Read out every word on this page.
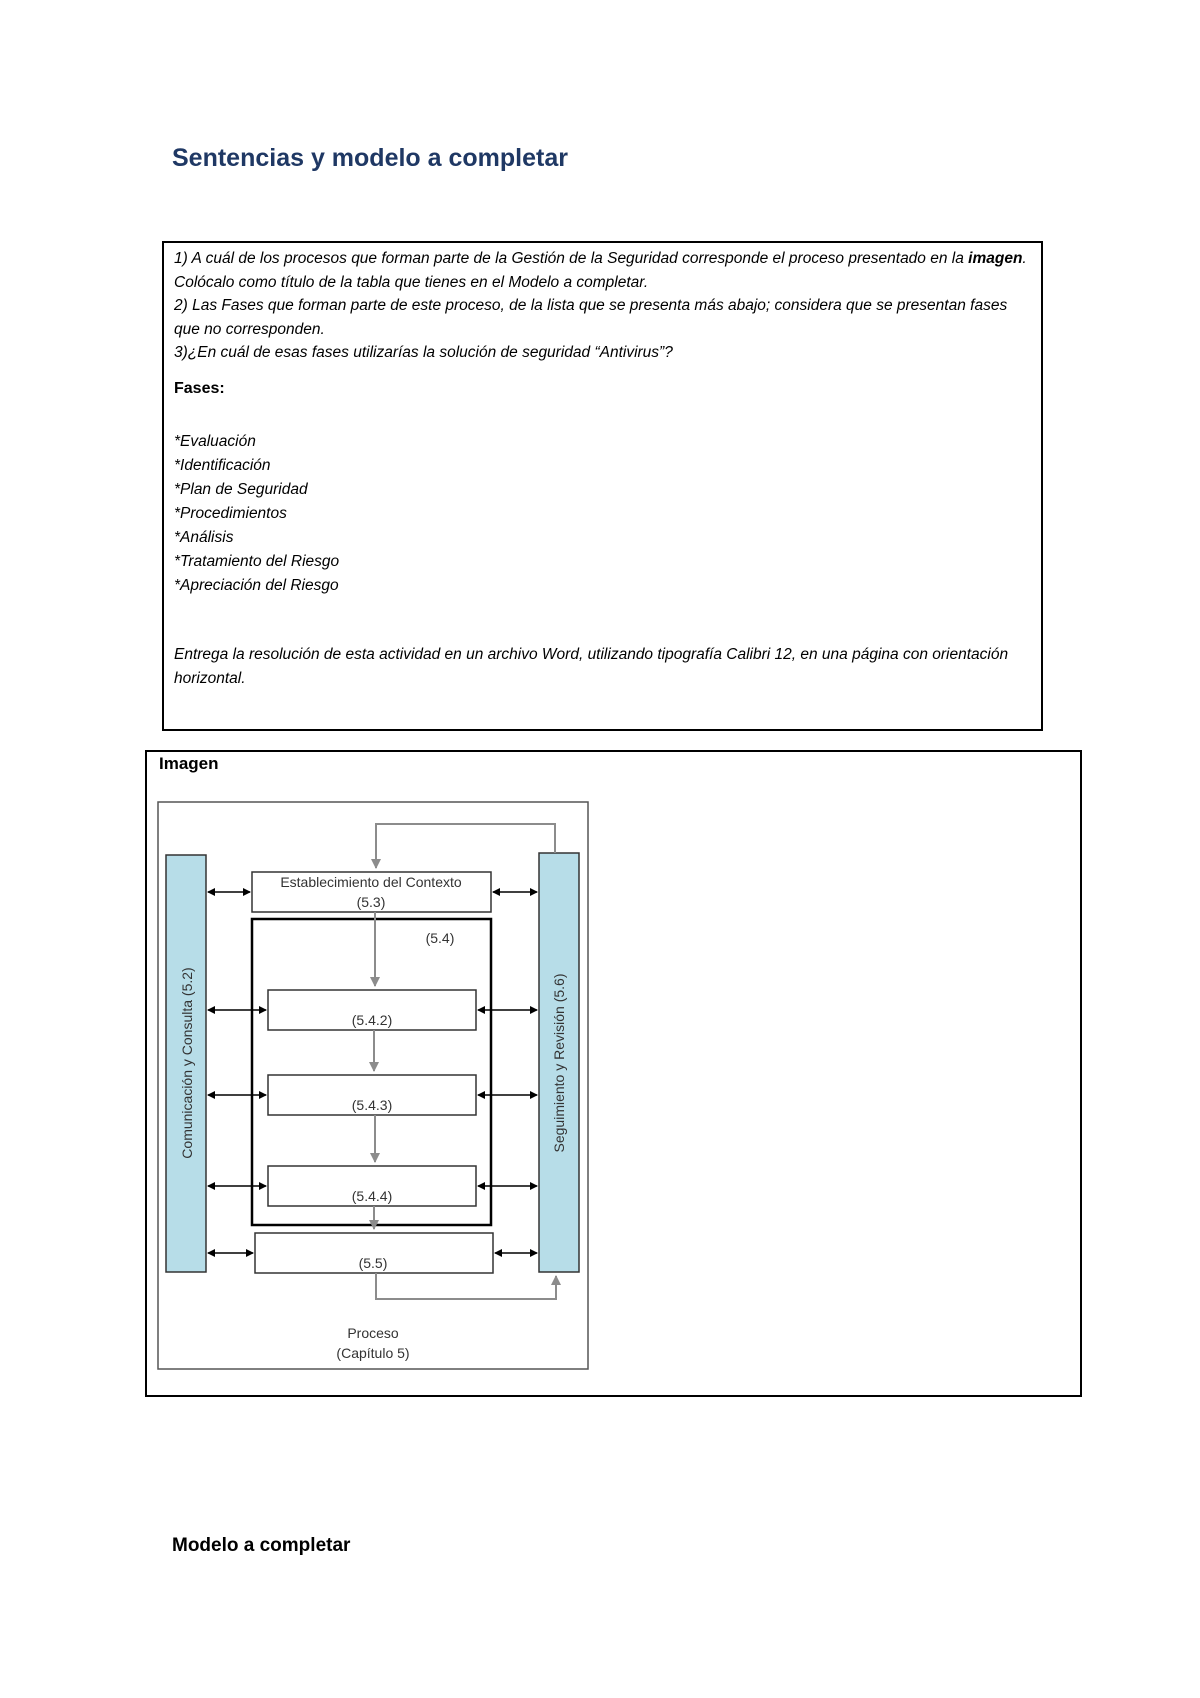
Sentencias y modelo a completar

1) A cuál de los procesos que forman parte de la Gestión de la Seguridad corresponde el proceso presentado en la imagen. Colócalo como título de la tabla que tienes en el Modelo a completar.

2) Las Fases que forman parte de este proceso, de la lista que se presenta más abajo; considera que se presentan fases que no corresponden.

3)¿En cuál de esas fases utilizarías la solución de seguridad “Antivirus”?

Fases:
*Evaluación
*Identificación
*Plan de Seguridad
*Procedimientos
*Análisis
*Tratamiento del Riesgo
*Apreciación del Riesgo

Entrega la resolución de esta actividad en un archivo Word, utilizando tipografía Calibri 12, en una página con orientación horizontal.

Imagen
Comunicación y Consulta (5.2)	Seguimiento y Revisión (5.6)
Establecimiento del Contexto
(5.3)
(5.4)
(5.4.2)
(5.4.3)
(5.4.4)
(5.5)
Proceso
(Capítulo 5)
Modelo a completar
